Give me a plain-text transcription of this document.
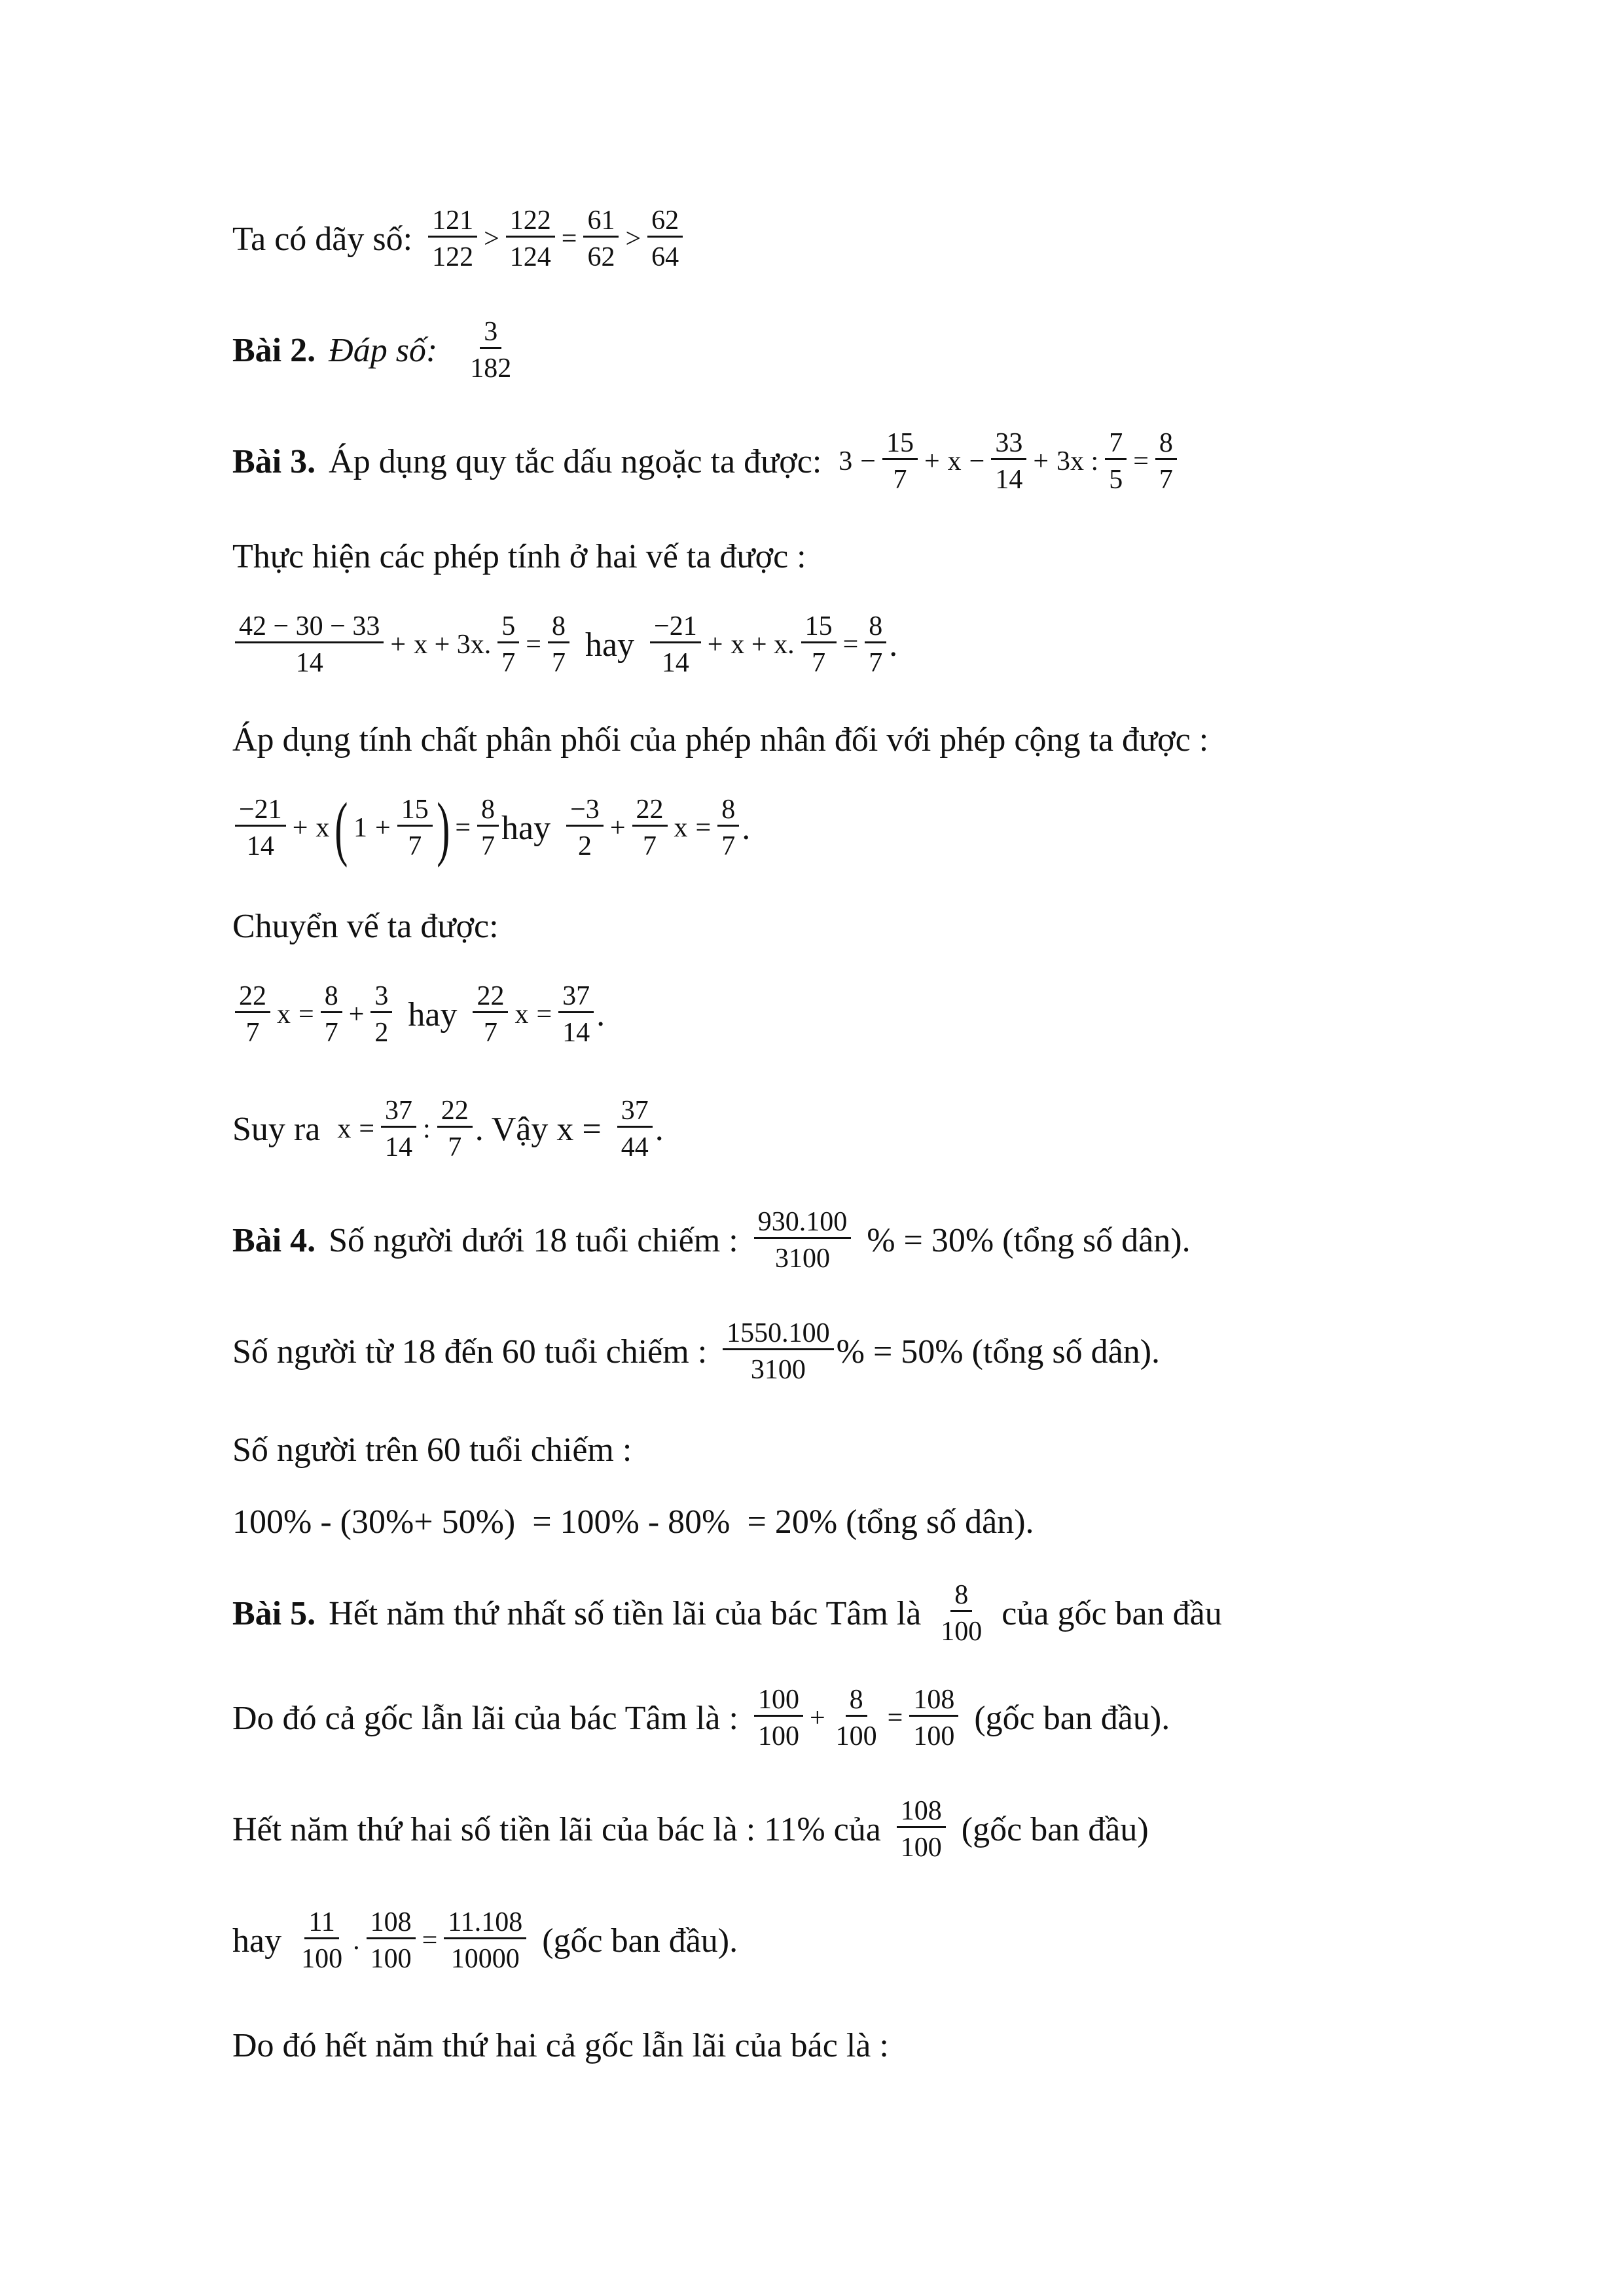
Ta có dãy số: $\frac{121}{122} > \frac{122}{124} = \frac{61}{62} > \frac{62}{64}$
Bài 2. Đáp số: $\frac{3}{182}$
Bài 3. Áp dụng quy tắc dấu ngoặc ta được: $3 - \frac{15}{7} + x - \frac{33}{14} + 3x$ : $\frac{7}{5} = \frac{8}{7}$
Thực hiện các phép tính ở hai vế ta được :
$\frac{42 - 30 - 33}{14} + x + 3x$. $\frac{5}{7} = \frac{8}{7}$ hay $\frac{-21}{14} + x + x$. $\frac{15}{7} = \frac{8}{7}$ .
Áp dụng tính chất phân phối của phép nhân đối với phép cộng ta được :
$\frac{-21}{14} + x$ ( $1 + \frac{15}{7}$ ) = $\frac{8}{7}$ hay $\frac{-3}{2} + \frac{22}{7}$ $x = \frac{8}{7}$ .
Chuyển vế ta được:
$\frac{22}{7}$ $x = \frac{8}{7} + \frac{3}{2}$ hay $\frac{22}{7}$ $x = \frac{37}{14}$ .
Suy ra $x = \frac{37}{14}$ : $\frac{22}{7}$ . Vậy $x = \frac{37}{44}$ .
Bài 4. Số người dưới 18 tuổi chiếm : $\frac{930.100}{3100}$ % = 30% (tổng số dân).
Số người từ 18 đến 60 tuổi chiếm : $\frac{1550.100}{3100}$ % = 50% (tổng số dân).
Số người trên 60 tuổi chiếm :
100% - (30%+ 50%)  = 100% - 80%  = 20% (tổng số dân).
Bài 5. Hết năm thứ nhất số tiền lãi của bác Tâm là $\frac{8}{100}$ của gốc ban đầu
Do đó cả gốc lẫn lãi của bác Tâm là : $\frac{100}{100} + \frac{8}{100} = \frac{108}{100}$ (gốc ban đầu).
Hết năm thứ hai số tiền lãi của bác là : 11% của $\frac{108}{100}$ (gốc ban đầu)
hay $\frac{11}{100}$ . $\frac{108}{100} = \frac{11.108}{10000}$ (gốc ban đầu).
Do đó hết năm thứ hai cả gốc lẫn lãi của bác là :
